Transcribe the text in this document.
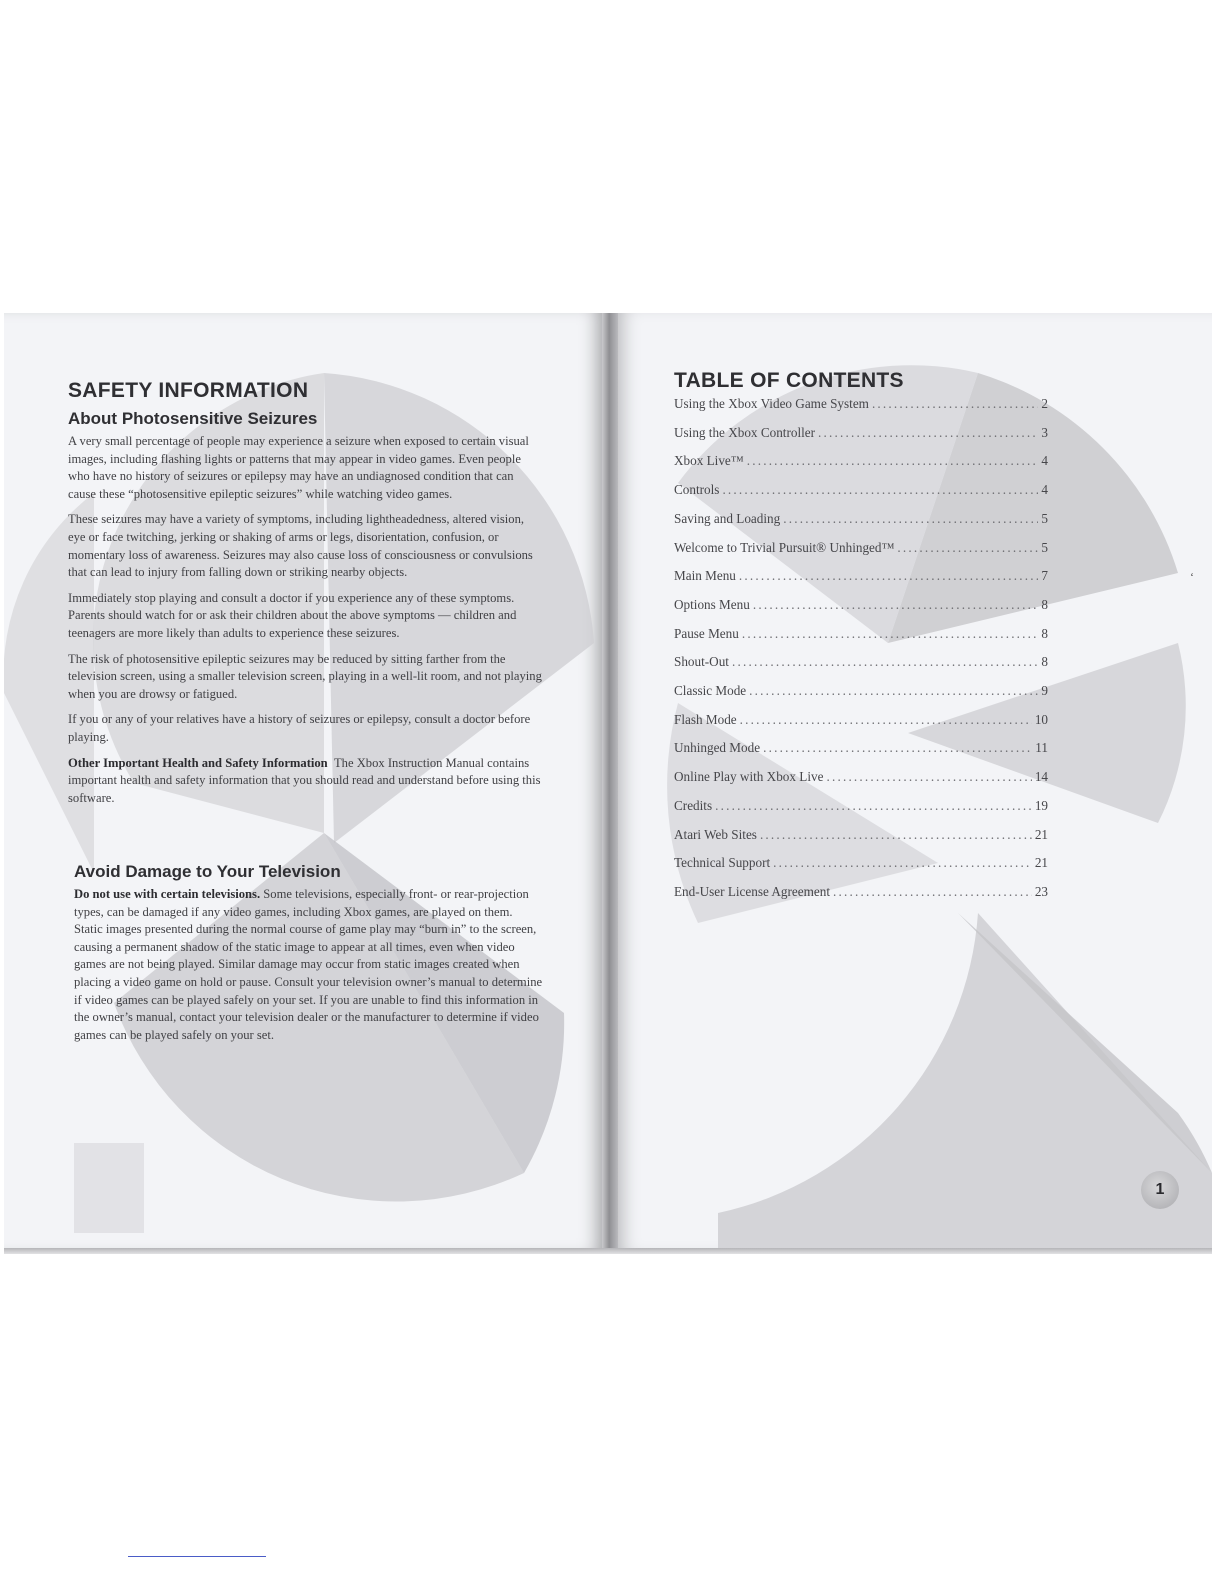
SAFETY INFORMATION
About Photosensitive Seizures

A very small percentage of people may experience a seizure when exposed to certain visual images, including flashing lights or patterns that may appear in video games. Even people who have no history of seizures or epilepsy may have an undiagnosed condition that can cause these “photosensitive epileptic seizures” while watching video games.

These seizures may have a variety of symptoms, including lightheadedness, altered vision, eye or face twitching, jerking or shaking of arms or legs, disorientation, confusion, or momentary loss of awareness. Seizures may also cause loss of consciousness or convulsions that can lead to injury from falling down or striking nearby objects.

Immediately stop playing and consult a doctor if you experience any of these symptoms. Parents should watch for or ask their children about the above symptoms — children and teenagers are more likely than adults to experience these seizures.

The risk of photosensitive epileptic seizures may be reduced by sitting farther from the television screen, using a smaller television screen, playing in a well-lit room, and not playing when you are drowsy or fatigued.

If you or any of your relatives have a history of seizures or epilepsy, consult a doctor before playing.

Other Important Health and Safety Information The Xbox Instruction Manual contains important health and safety information that you should read and understand before using this software.

Avoid Damage to Your Television

Do not use with certain televisions. Some televisions, especially front- or rear-projection types, can be damaged if any video games, including Xbox games, are played on them. Static images presented during the normal course of game play may “burn in” to the screen, causing a permanent shadow of the static image to appear at all times, even when video games are not being played. Similar damage may occur from static images created when placing a video game on hold or pause. Consult your television owner’s manual to determine if video games can be played safely on your set. If you are unable to find this information in the owner’s manual, contact your television dealer or the manufacturer to determine if video games can be played safely on your set.

TABLE OF CONTENTS
Using the Xbox Video Game System .....	2
Using the Xbox Controller .....	3
Xbox Live™ .....	4
Controls .....	4
Saving and Loading .....	5
Welcome to Trivial Pursuit® Unhinged™ .....	5
Main Menu .....	7
Options Menu .....	8
Pause Menu .....	8
Shout-Out .....	8
Classic Mode .....	9
Flash Mode .....	10
Unhinged Mode .....	11
Online Play with Xbox Live .....	14
Credits .....	19
Atari Web Sites .....	21
Technical Support .....	21
End-User License Agreement .....	23
1
‘
